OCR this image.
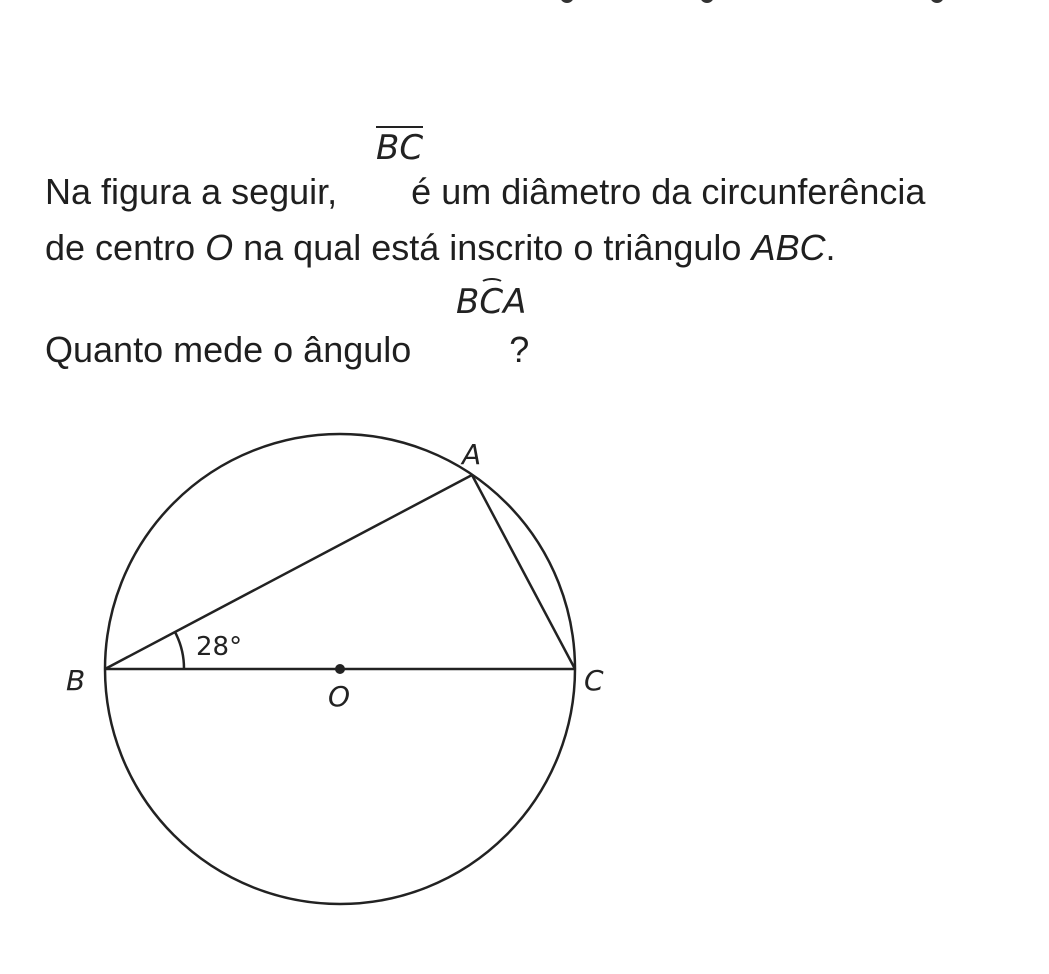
BC
Na figura a seguir, é um diâmetro da circunferência
de centro O na qual está inscrito o triângulo ABC.
BCA
Quanto mede o ângulo	?
A
B	C
O
28°
